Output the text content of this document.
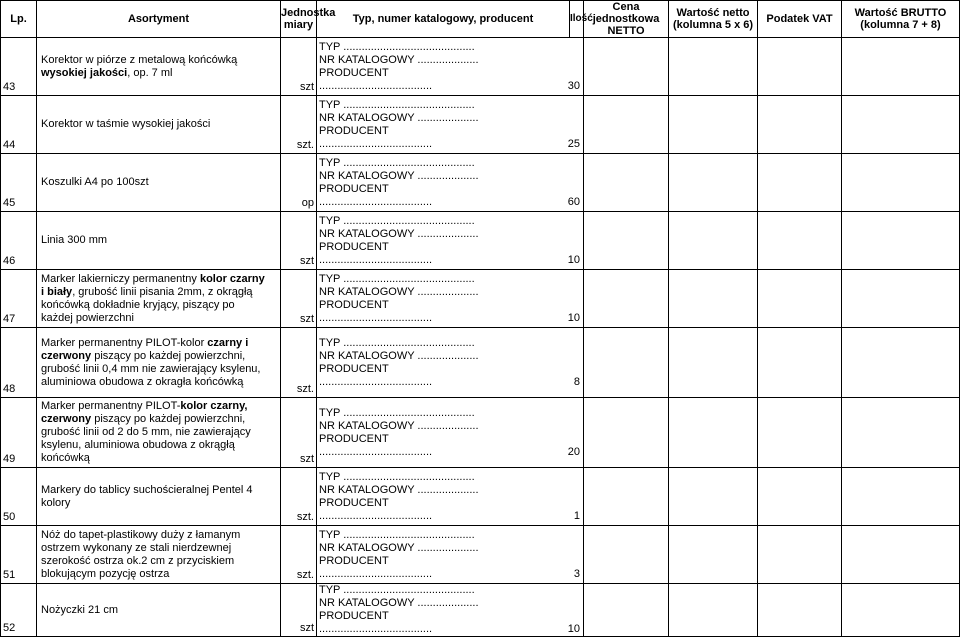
Lp.	Asortyment	Jednostka
miary	Typ, numer katalogowy, producent	Ilość	Cena
jednostkowa NETTO	Wartość netto
(kolumna 5 x 6)	Podatek VAT	Wartość BRUTTO
(kolumna 7 + 8)

43	Korektor w piórze z metalową końcówką
wysokiej jakości, op. 7 ml	szt	TYP ...........................................
NR KATALOGOWY ....................
PRODUCENT
..................................... 30					

44	Korektor w taśmie wysokiej jakości	szt.	TYP ...........................................
NR KATALOGOWY ....................
PRODUCENT
..................................... 25					

45	Koszulki A4 po 100szt	op	TYP ...........................................
NR KATALOGOWY ....................
PRODUCENT
..................................... 60					

46	Linia 300 mm	szt	TYP ...........................................
NR KATALOGOWY ....................
PRODUCENT
..................................... 10					

47	Marker lakierniczy permanentny kolor czarny
i biały, grubość linii pisania 2mm, z okrągłą
końcówką dokładnie kryjący, piszący po
każdej powierzchni	szt	TYP ...........................................
NR KATALOGOWY ....................
PRODUCENT
..................................... 10					

48	Marker permanentny PILOT-kolor czarny i
czerwony piszący po każdej powierzchni,
grubość linii 0,4 mm nie zawierający ksylenu,
aluminiowa obudowa z okragła końcówką	szt.	TYP ...........................................
NR KATALOGOWY ....................
PRODUCENT
..................................... 8					

49	Marker permanentny PILOT-kolor czarny,
czerwony piszący po każdej powierzchni,
grubość linii od 2 do 5 mm, nie zawierający
ksylenu, aluminiowa obudowa z okrągłą
końcówką	szt	TYP ...........................................
NR KATALOGOWY ....................
PRODUCENT
..................................... 20					

50	Markery do tablicy suchościeralnej Pentel 4
kolory	szt.	TYP ...........................................
NR KATALOGOWY ....................
PRODUCENT
..................................... 1					

51	Nóż do tapet-plastikowy duży z łamanym
ostrzem wykonany ze stali nierdzewnej
szerokość ostrza ok.2 cm z przyciskiem
blokującym pozycję ostrza	szt.	TYP ...........................................
NR KATALOGOWY ....................
PRODUCENT
..................................... 3					

52	Nożyczki 21 cm	szt	TYP ...........................................
NR KATALOGOWY ....................
PRODUCENT
..................................... 10					
